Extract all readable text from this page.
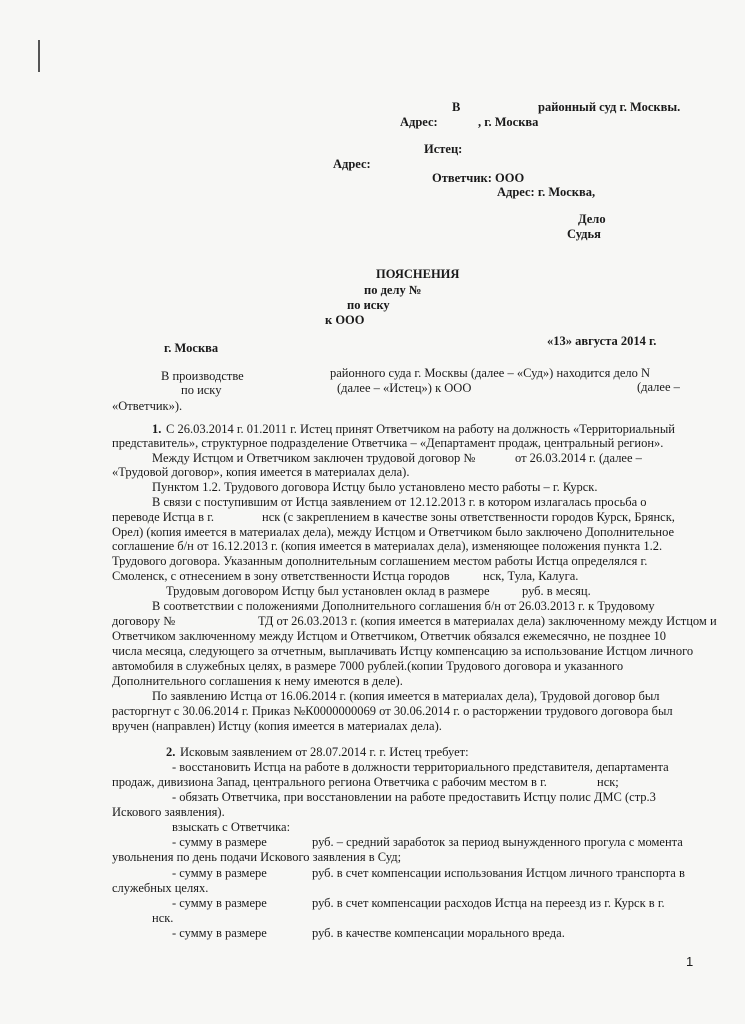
В	районный суд г. Москвы.
Адрес:	, г. Москва
Истец:
Адрес:
Ответчик: ООО
Адрес: г. Москва,
Дело
Судья
ПОЯСНЕНИЯ
по делу №
по иску
к ООО
г. Москва	«13» августа 2014 г.
В производстве	районного суда г. Москвы (далее – «Суд») находится дело N
по иску	(далее – «Истец») к ООО	(далее –
«Ответчик»).
1. С 26.03.2014 г. 01.2011 г. Истец принят Ответчиком на работу на должность «Территориальный
представитель», структурное подразделение Ответчика – «Департамент продаж, центральный регион».
Между Истцом и Ответчиком заключен трудовой договор №	от 26.03.2014 г. (далее –
«Трудовой договор», копия имеется в материалах дела).
Пунктом 1.2. Трудового договора Истцу было установлено место работы – г. Курск.
В связи с поступившим от Истца заявлением от 12.12.2013 г. в котором излагалась просьба о
переводе Истца в г.	нск (с закреплением в качестве зоны ответственности городов Курск, Брянск,
Орел) (копия имеется в материалах дела), между Истцом и Ответчиком было заключено Дополнительное
соглашение б/н от 16.12.2013 г. (копия имеется в материалах дела), изменяющее положения пункта 1.2.
Трудового договора. Указанным дополнительным соглашением местом работы Истца определялся г.
Смоленск, с отнесением в зону ответственности Истца городов	нск, Тула, Калуга.
Трудовым договором Истцу был установлен оклад в размере	руб. в месяц.
В соответствии с положениями Дополнительного соглашения б/н от 26.03.2013 г. к Трудовому
договору №	ТД от 26.03.2013 г. (копия имеется в материалах дела) заключенному между Истцом и
Ответчиком заключенному между Истцом и Ответчиком, Ответчик обязался ежемесячно, не позднее 10
числа месяца, следующего за отчетным, выплачивать Истцу компенсацию за использование Истцом личного
автомобиля в служебных целях, в размере 7000 рублей.(копии Трудового договора и указанного
Дополнительного соглашения к нему имеются в деле).
По заявлению Истца от 16.06.2014 г. (копия имеется в материалах дела), Трудовой договор был
расторгнут с 30.06.2014 г. Приказ №К0000000069 от 30.06.2014 г. о расторжении трудового договора был
вручен (направлен) Истцу (копия имеется в материалах дела).
2. Исковым заявлением от 28.07.2014 г. г. Истец требует:
- восстановить Истца на работе в должности территориального представителя, департамента
продаж, дивизиона Запад, центрального региона Ответчика с рабочим местом в г.	нск;
- обязать Ответчика, при восстановлении на работе предоставить Истцу полис ДМС (стр.3
Искового заявления).
взыскать с Ответчика:
- сумму в размере	руб. – средний заработок за период вынужденного прогула с момента
увольнения по день подачи Искового заявления в Суд;
- сумму в размере	руб. в счет компенсации использования Истцом личного транспорта в
служебных целях.
- сумму в размере	руб. в счет компенсации расходов Истца на переезд из г. Курск в г.
нск.
- сумму в размере	руб. в качестве компенсации морального вреда.
1
